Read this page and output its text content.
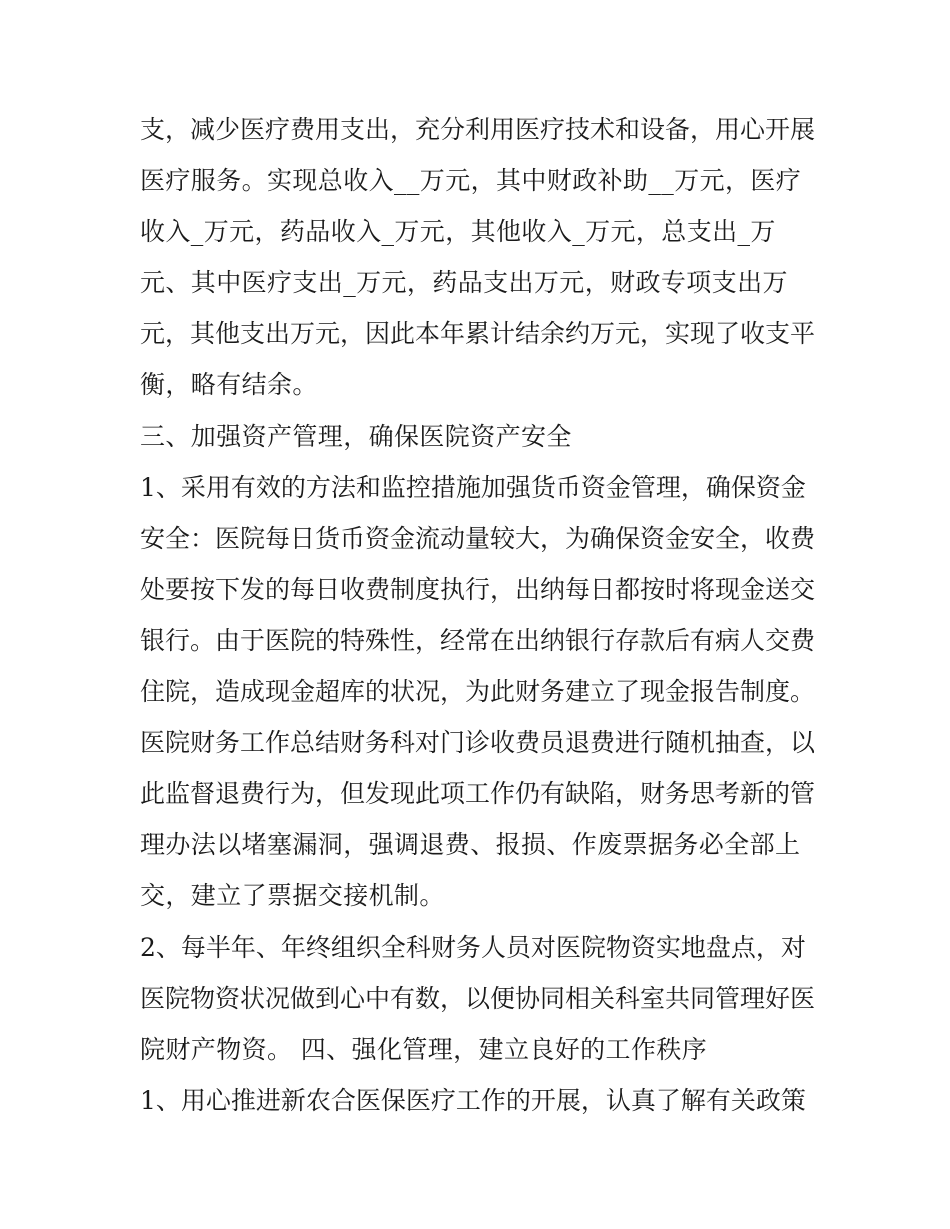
支，减少医疗费用支出，充分利用医疗技术和设备，用心开展
医疗服务。实现总收入__万元，其中财政补助__万元，医疗
收入_万元，药品收入_万元，其他收入_万元，总支出_万
元、其中医疗支出_万元，药品支出万元，财政专项支出万
元，其他支出万元，因此本年累计结余约万元，实现了收支平
衡，略有结余。
三、加强资产管理，确保医院资产安全
1、采用有效的方法和监控措施加强货币资金管理，确保资金
安全：医院每日货币资金流动量较大，为确保资金安全，收费
处要按下发的每日收费制度执行，出纳每日都按时将现金送交
银行。由于医院的特殊性，经常在出纳银行存款后有病人交费
住院，造成现金超库的状况，为此财务建立了现金报告制度。
医院财务工作总结财务科对门诊收费员退费进行随机抽查，以
此监督退费行为，但发现此项工作仍有缺陷，财务思考新的管
理办法以堵塞漏洞，强调退费、报损、作废票据务必全部上
交，建立了票据交接机制。
2、每半年、年终组织全科财务人员对医院物资实地盘点，对
医院物资状况做到心中有数，以便协同相关科室共同管理好医
院财产物资。 四、强化管理，建立良好的工作秩序
1、用心推进新农合医保医疗工作的开展，认真了解有关政策
